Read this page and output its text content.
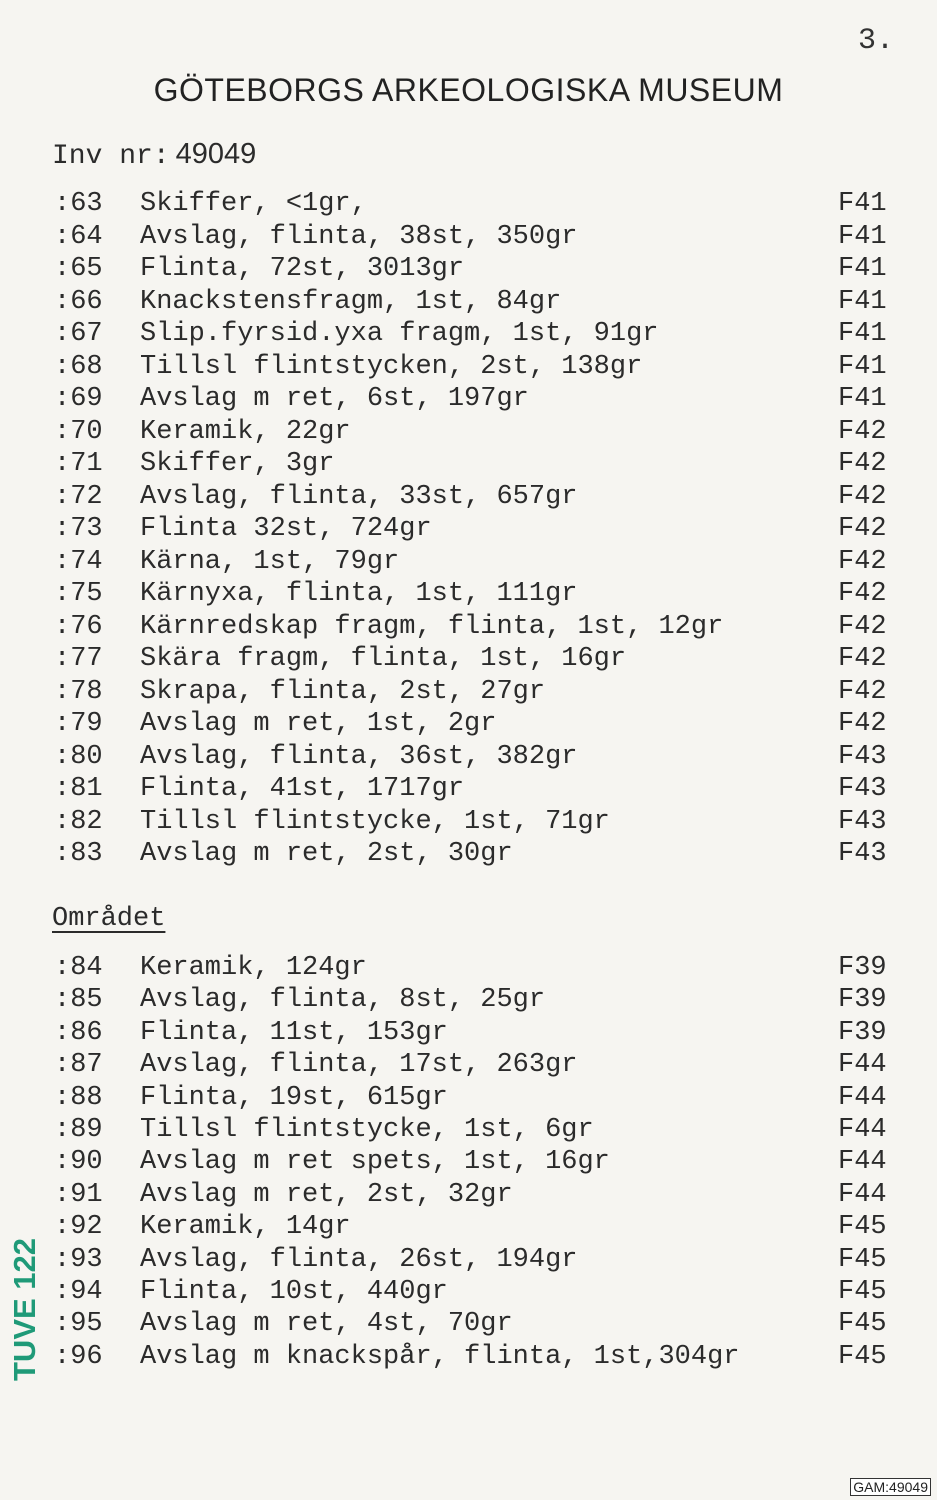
3.
GÖTEBORGS ARKEOLOGISKA MUSEUM
Inv nr: 49049
:63 Skiffer, <1gr,	F41
:64 Avslag, flinta, 38st, 350gr	F41
:65 Flinta, 72st, 3013gr	F41
:66 Knackstensfragm, 1st, 84gr	F41
:67 Slip.fyrsid.yxa fragm, 1st, 91gr	F41
:68 Tillsl flintstycken, 2st, 138gr	F41
:69 Avslag m ret, 6st, 197gr	F41
:70 Keramik, 22gr	F42
:71 Skiffer, 3gr	F42
:72 Avslag, flinta, 33st, 657gr	F42
:73 Flinta 32st, 724gr	F42
:74 Kärna, 1st, 79gr	F42
:75 Kärnyxa, flinta, 1st, 111gr	F42
:76 Kärnredskap fragm, flinta, 1st, 12gr	F42
:77 Skära fragm, flinta, 1st, 16gr	F42
:78 Skrapa, flinta, 2st, 27gr	F42
:79 Avslag m ret, 1st, 2gr	F42
:80 Avslag, flinta, 36st, 382gr	F43
:81 Flinta, 41st, 1717gr	F43
:82 Tillsl flintstycke, 1st, 71gr	F43
:83 Avslag m ret, 2st, 30gr	F43
Området
:84 Keramik, 124gr	F39
:85 Avslag, flinta, 8st, 25gr	F39
:86 Flinta, 11st, 153gr	F39
:87 Avslag, flinta, 17st, 263gr	F44
:88 Flinta, 19st, 615gr	F44
:89 Tillsl flintstycke, 1st, 6gr	F44
:90 Avslag m ret spets, 1st, 16gr	F44
:91 Avslag m ret, 2st, 32gr	F44
:92 Keramik, 14gr	F45
:93 Avslag, flinta, 26st, 194gr	F45
:94 Flinta, 10st, 440gr	F45
:95 Avslag m ret, 4st, 70gr	F45
:96 Avslag m knackspår, flinta, 1st,304gr	F45
TUVE 122
GAM:49049
